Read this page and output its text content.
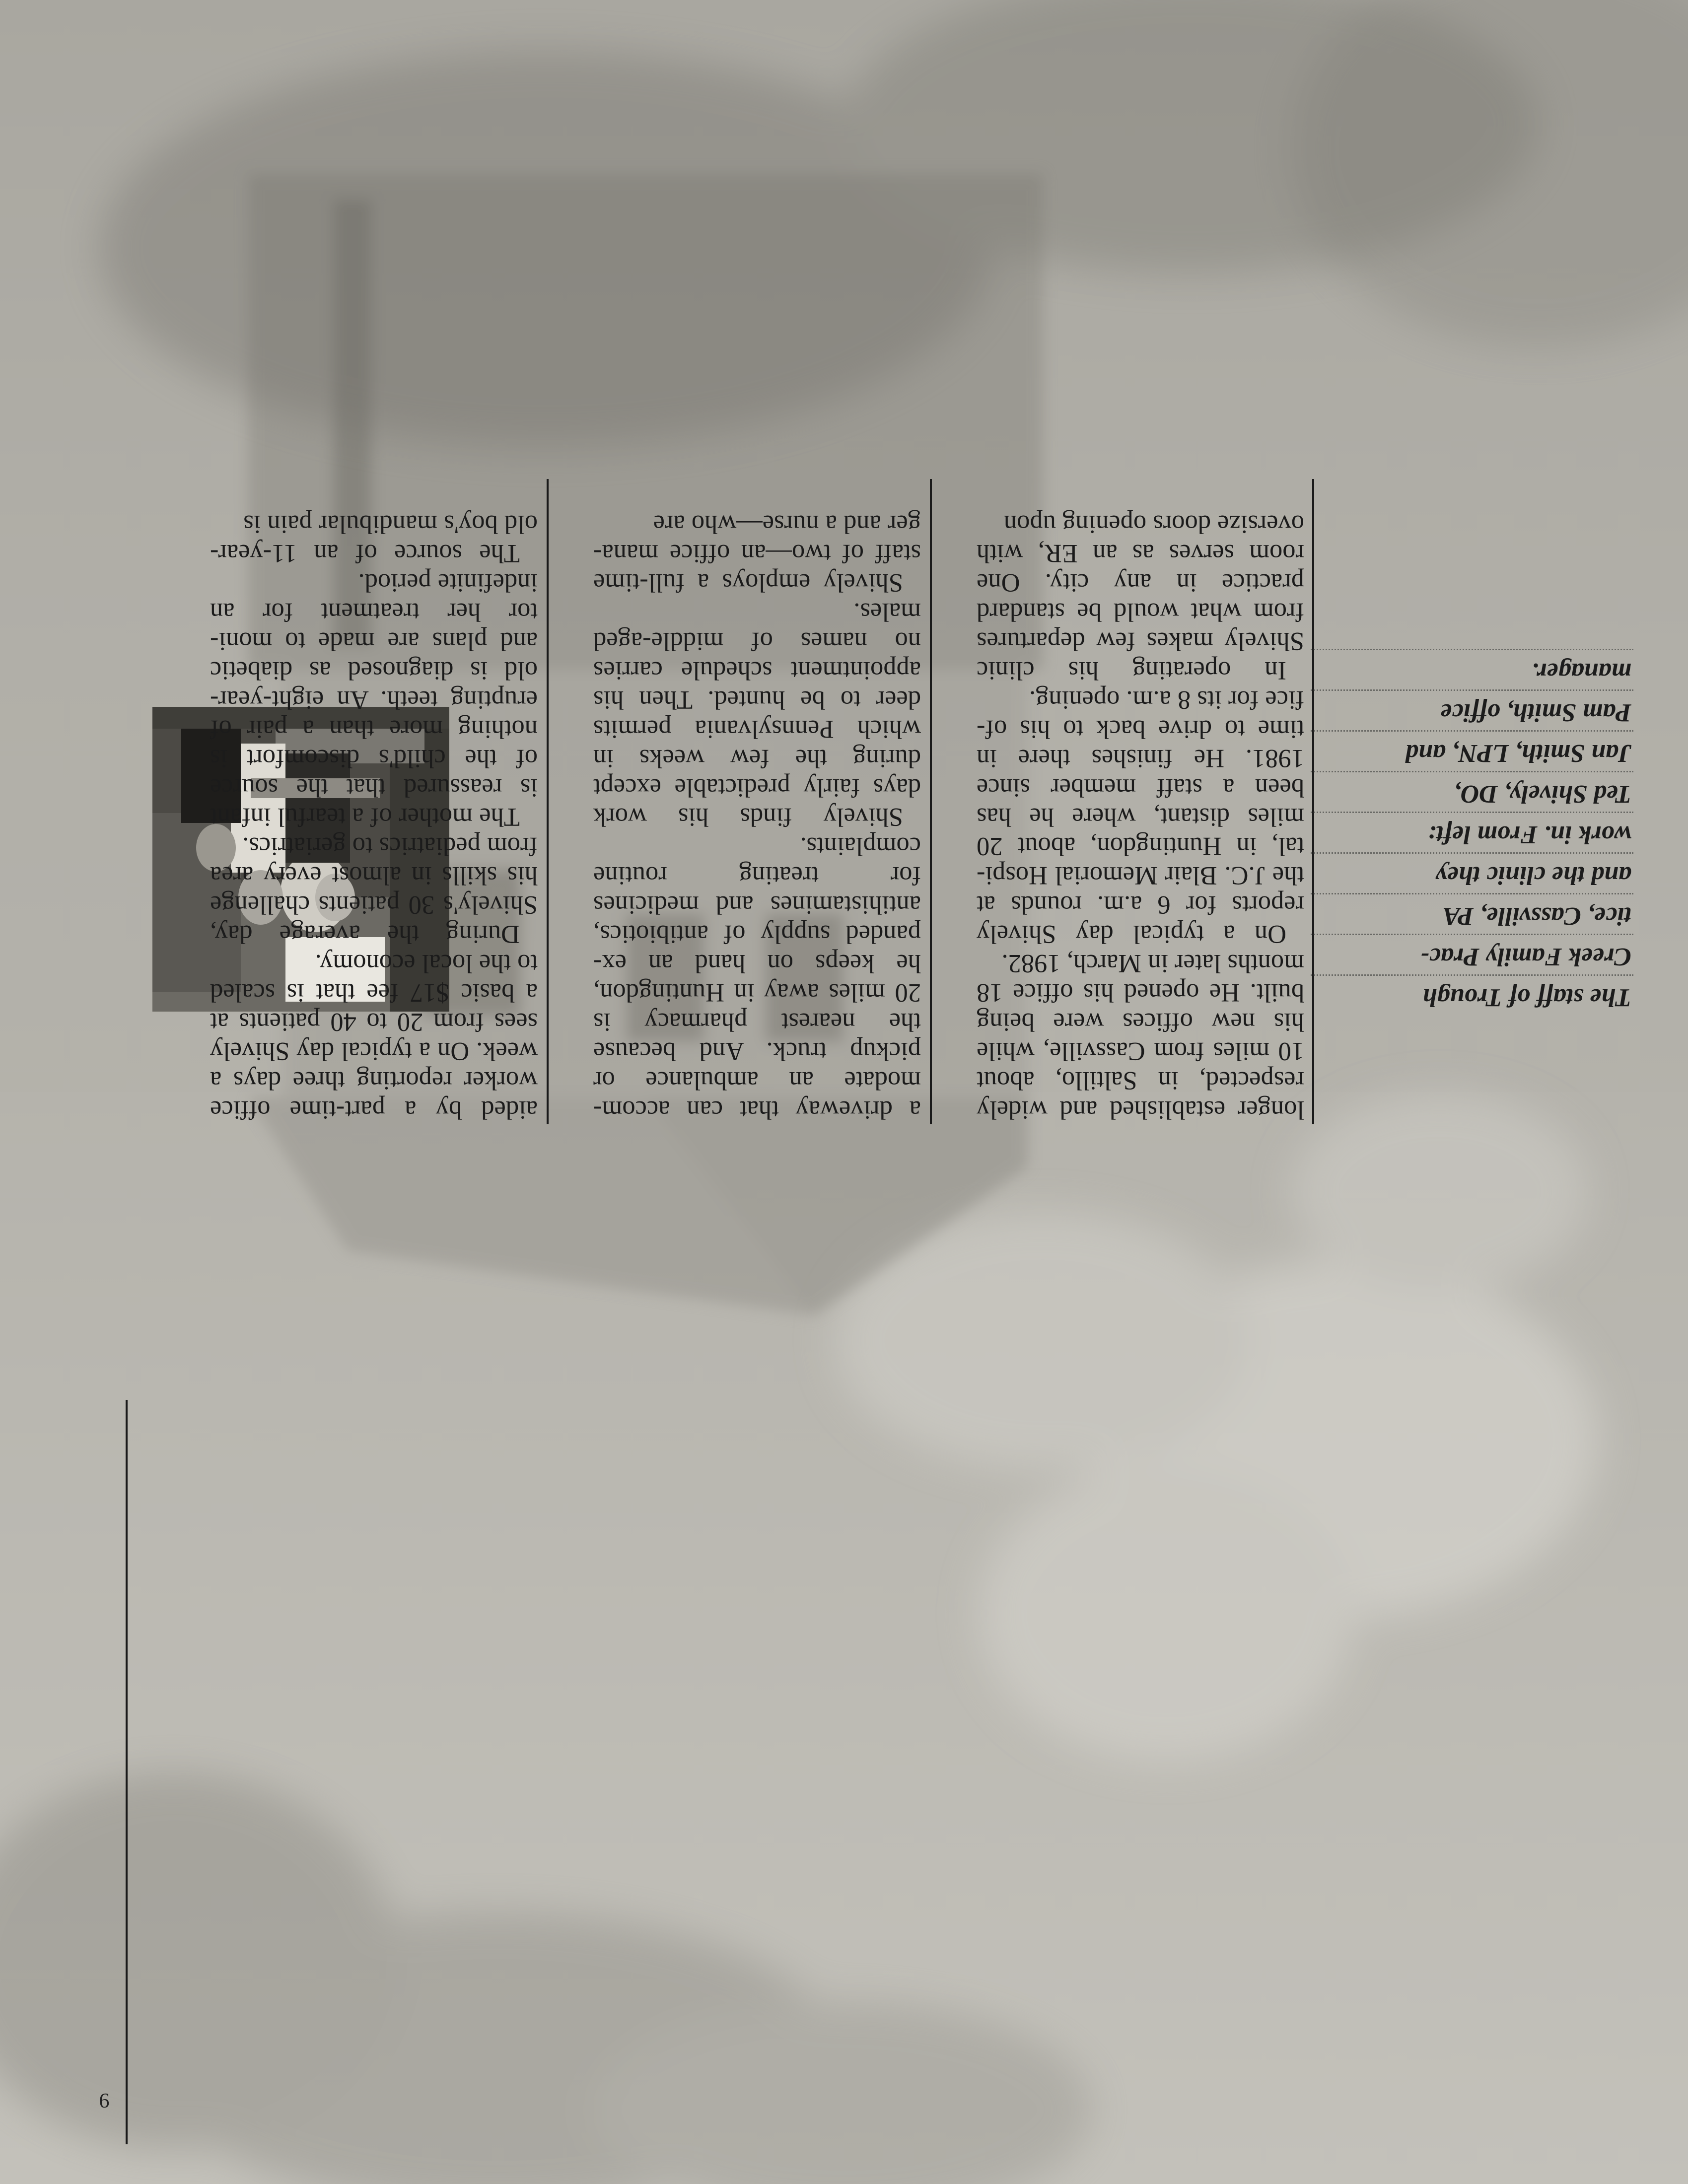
The staff of Trough
Creek Family Prac-
tice, Cassville, PA
and the clinic they
work in. From left:
Ted Shively, DO,
Jan Smith, LPN, and
Pam Smith, office
manager.
longer established and widely
respected, in Saltillo, about
10 miles from Cassville, while
his new offices were being
built. He opened his office 18
months later in March, 1982.
On a typical day Shively
reports for 6 a.m. rounds at
the J.C. Blair Memorial Hospi-
tal, in Huntingdon, about 20
miles distant, where he has
been a staff member since
1981. He finishes there in
time to drive back to his of-
fice for its 8 a.m. opening.
In operating his clinic
Shively makes few departures
from what would be standard
practice in any city. One
room serves as an ER, with
oversize doors opening upon
a driveway that can accom-
modate an ambulance or
pickup truck. And because
the nearest pharmacy is
20 miles away in Huntingdon,
he keeps on hand an ex-
panded supply of antibiotics,
antihistamines and medicines
for treating routine
complaints.
Shively finds his work
days fairly predictable except
during the few weeks in
which Pennsylvania permits
deer to be hunted. Then his
appointment schedule carries
no names of middle-aged
males.
Shively employs a full-time
staff of two—an office mana-
ger and a nurse—who are
aided by a part-time office
worker reporting three days a
week. On a typical day Shively
sees from 20 to 40 patients at
a basic $17 fee that is scaled
to the local economy.
During the average day,
Shively's 30 patients challenge
his skills in almost every area
from pediatrics to geriatrics.
The mother of a tearful infant
is reassured that the source
of the child's discomfort is
nothing more than a pair of
erupting teeth. An eight-year-
old is diagnosed as diabetic
and plans are made to moni-
tor her treatment for an
indefinite period.
The source of an 11-year-
old boy's mandibular pain is
9
